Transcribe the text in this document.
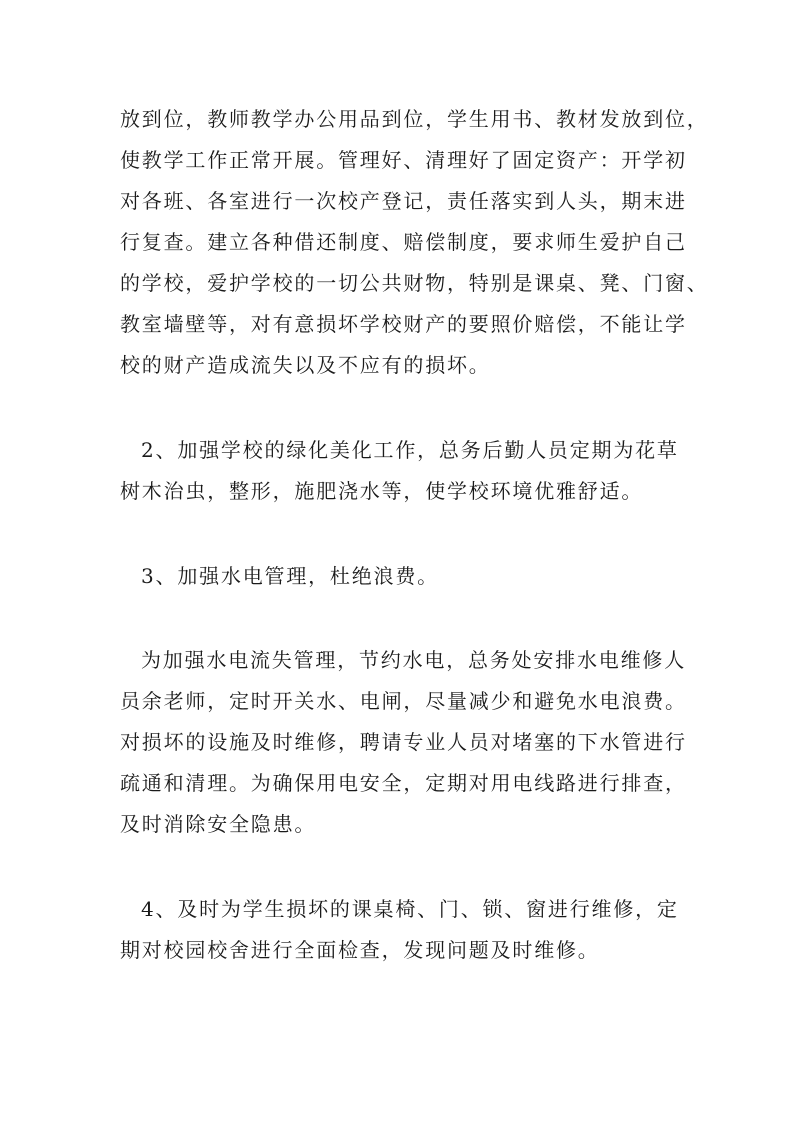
放到位，教师教学办公用品到位，学生用书、教材发放到位，
使教学工作正常开展。管理好、清理好了固定资产：开学初
对各班、各室进行一次校产登记，责任落实到人头，期末进
行复查。建立各种借还制度、赔偿制度，要求师生爱护自己
的学校，爱护学校的一切公共财物，特别是课桌、凳、门窗、
教室墙壁等，对有意损坏学校财产的要照价赔偿，不能让学
校的财产造成流失以及不应有的损坏。
2、加强学校的绿化美化工作，总务后勤人员定期为花草
树木治虫，整形，施肥浇水等，使学校环境优雅舒适。
3、加强水电管理，杜绝浪费。
为加强水电流失管理，节约水电，总务处安排水电维修人
员余老师，定时开关水、电闸，尽量减少和避免水电浪费。
对损坏的设施及时维修，聘请专业人员对堵塞的下水管进行
疏通和清理。为确保用电安全，定期对用电线路进行排查，
及时消除安全隐患。
4、及时为学生损坏的课桌椅、门、锁、窗进行维修，定
期对校园校舍进行全面检查，发现问题及时维修。
